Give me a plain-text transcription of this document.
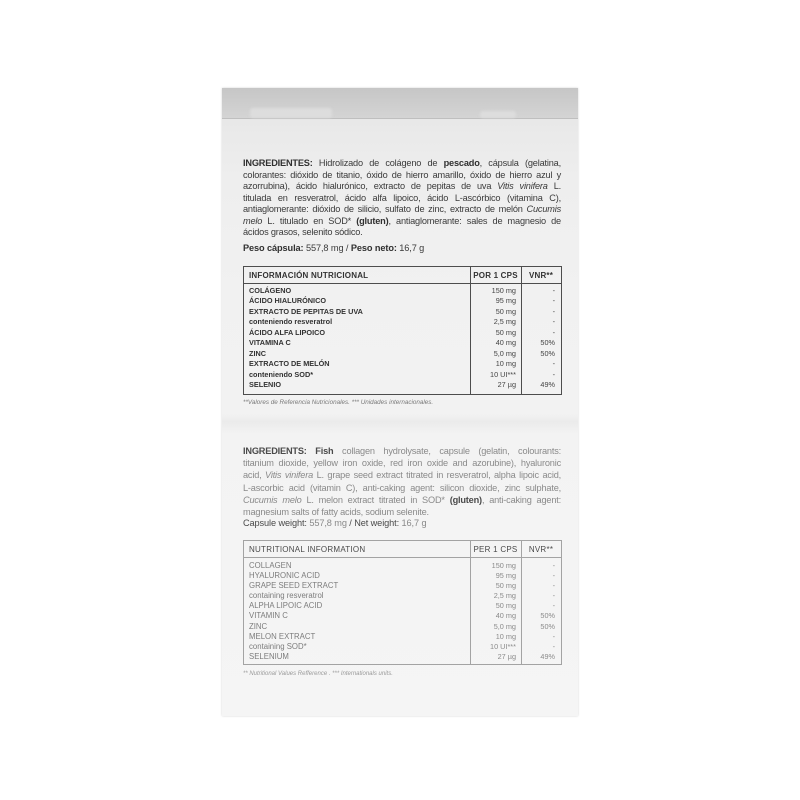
INGREDIENTES: Hidrolizado de colágeno de pescado, cápsula (gelatina,
colorantes: dióxido de titanio, óxido de hierro amarillo, óxido de hierro azul y
azorrubina), ácido hialurónico, extracto de pepitas de uva Vitis vinifera L.
titulada en resveratrol, ácido alfa lipoico, ácido L-ascórbico (vitamina C),
antiaglomerante: dióxido de silicio, sulfato de zinc, extracto de melón Cucumis
melo L. titulado en SOD* (gluten), antiaglomerante: sales de magnesio de
ácidos grasos, selenito sódico.
Peso cápsula: 557,8 mg / Peso neto: 16,7 g
INFORMACIÓN NUTRICIONAL	POR 1 CPS	VNR**
COLÁGENO	150 mg	-
ÁCIDO HIALURÓNICO	95 mg	-
EXTRACTO DE PEPITAS DE UVA	50 mg	-
conteniendo resveratrol	2,5 mg	-
ÁCIDO ALFA LIPOICO	50 mg	-
VITAMINA C	40 mg	50%
ZINC	5,0 mg	50%
EXTRACTO DE MELÓN	10 mg	-
conteniendo SOD*	10 UI***	-
SELENIO	27 µg	49%
**Valores de Referencia Nutricionales. *** Unidades internacionales.
INGREDIENTS: Fish collagen hydrolysate, capsule (gelatin, colourants:
titanium dioxide, yellow iron oxide, red iron oxide and azorubine), hyaluronic
acid, Vitis vinifera L. grape seed extract titrated in resveratrol, alpha lipoic acid,
L-ascorbic acid (vitamin C), anti-caking agent: silicon dioxide, zinc sulphate,
Cucumis melo L. melon extract titrated in SOD* (gluten), anti-caking agent:
magnesium salts of fatty acids, sodium selenite.
Capsule weight: 557,8 mg / Net weight: 16,7 g
NUTRITIONAL INFORMATION	PER 1 CPS	NVR**
COLLAGEN	150 mg	-
HYALURONIC ACID	95 mg	-
GRAPE SEED EXTRACT	50 mg	-
containing resveratrol	2,5 mg	-
ALPHA LIPOIC ACID	50 mg	-
VITAMIN C	40 mg	50%
ZINC	5,0 mg	50%
MELON EXTRACT	10 mg	-
containing SOD*	10 UI***	-
SELENIUM	27 µg	49%
** Nutritional Values Refference . *** Internationals units.
